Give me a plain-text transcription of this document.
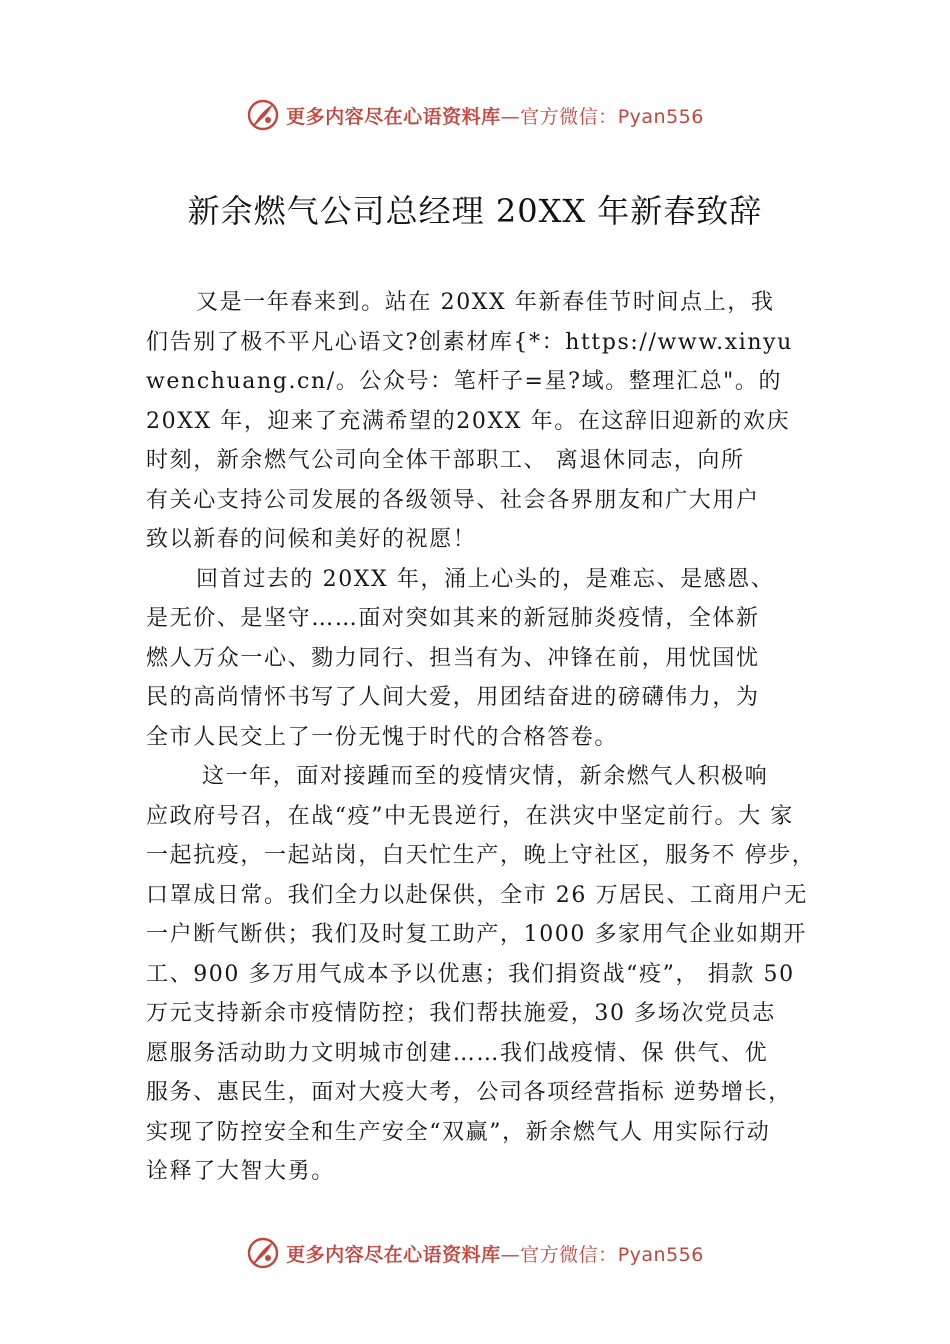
更多内容尽在心语资料库—官方微信：Pyan556
新余燃气公司总经理 20XX 年新春致辞
又是一年春来到。站在 20XX 年新春佳节时间点上，我
们告别了极不平凡心语文?创素材库{*：https://www.xinyu
wenchuang.cn/。公众号：笔杆子=星?域。整理汇总"。的
20XX 年，迎来了充满希望的20XX 年。在这辞旧迎新的欢庆
时刻，新余燃气公司向全体干部职工、 离退休同志，向所
有关心支持公司发展的各级领导、社会各界朋友和广大用户
致以新春的问候和美好的祝愿！
回首过去的 20XX 年，涌上心头的，是难忘、是感恩、
是无价、是坚守……面对突如其来的新冠肺炎疫情，全体新
燃人万众一心、勠力同行、担当有为、冲锋在前，用忧国忧
民的高尚情怀书写了人间大爱，用团结奋进的磅礴伟力，为
全市人民交上了一份无愧于时代的合格答卷。
这一年，面对接踵而至的疫情灾情，新余燃气人积极响
应政府号召，在战“疫”中无畏逆行，在洪灾中坚定前行。大 家
一起抗疫，一起站岗，白天忙生产，晚上守社区，服务不 停步，
口罩成日常。我们全力以赴保供，全市 26 万居民、工商用户无
一户断气断供；我们及时复工助产，1000 多家用气企业如期开
工、900 多万用气成本予以优惠；我们捐资战“疫”， 捐款 50
万元支持新余市疫情防控；我们帮扶施爱，30 多场次党员志
愿服务活动助力文明城市创建……我们战疫情、保 供气、优
服务、惠民生，面对大疫大考，公司各项经营指标 逆势增长，
实现了防控安全和生产安全“双赢”，新余燃气人 用实际行动
诠释了大智大勇。
更多内容尽在心语资料库—官方微信：Pyan556
